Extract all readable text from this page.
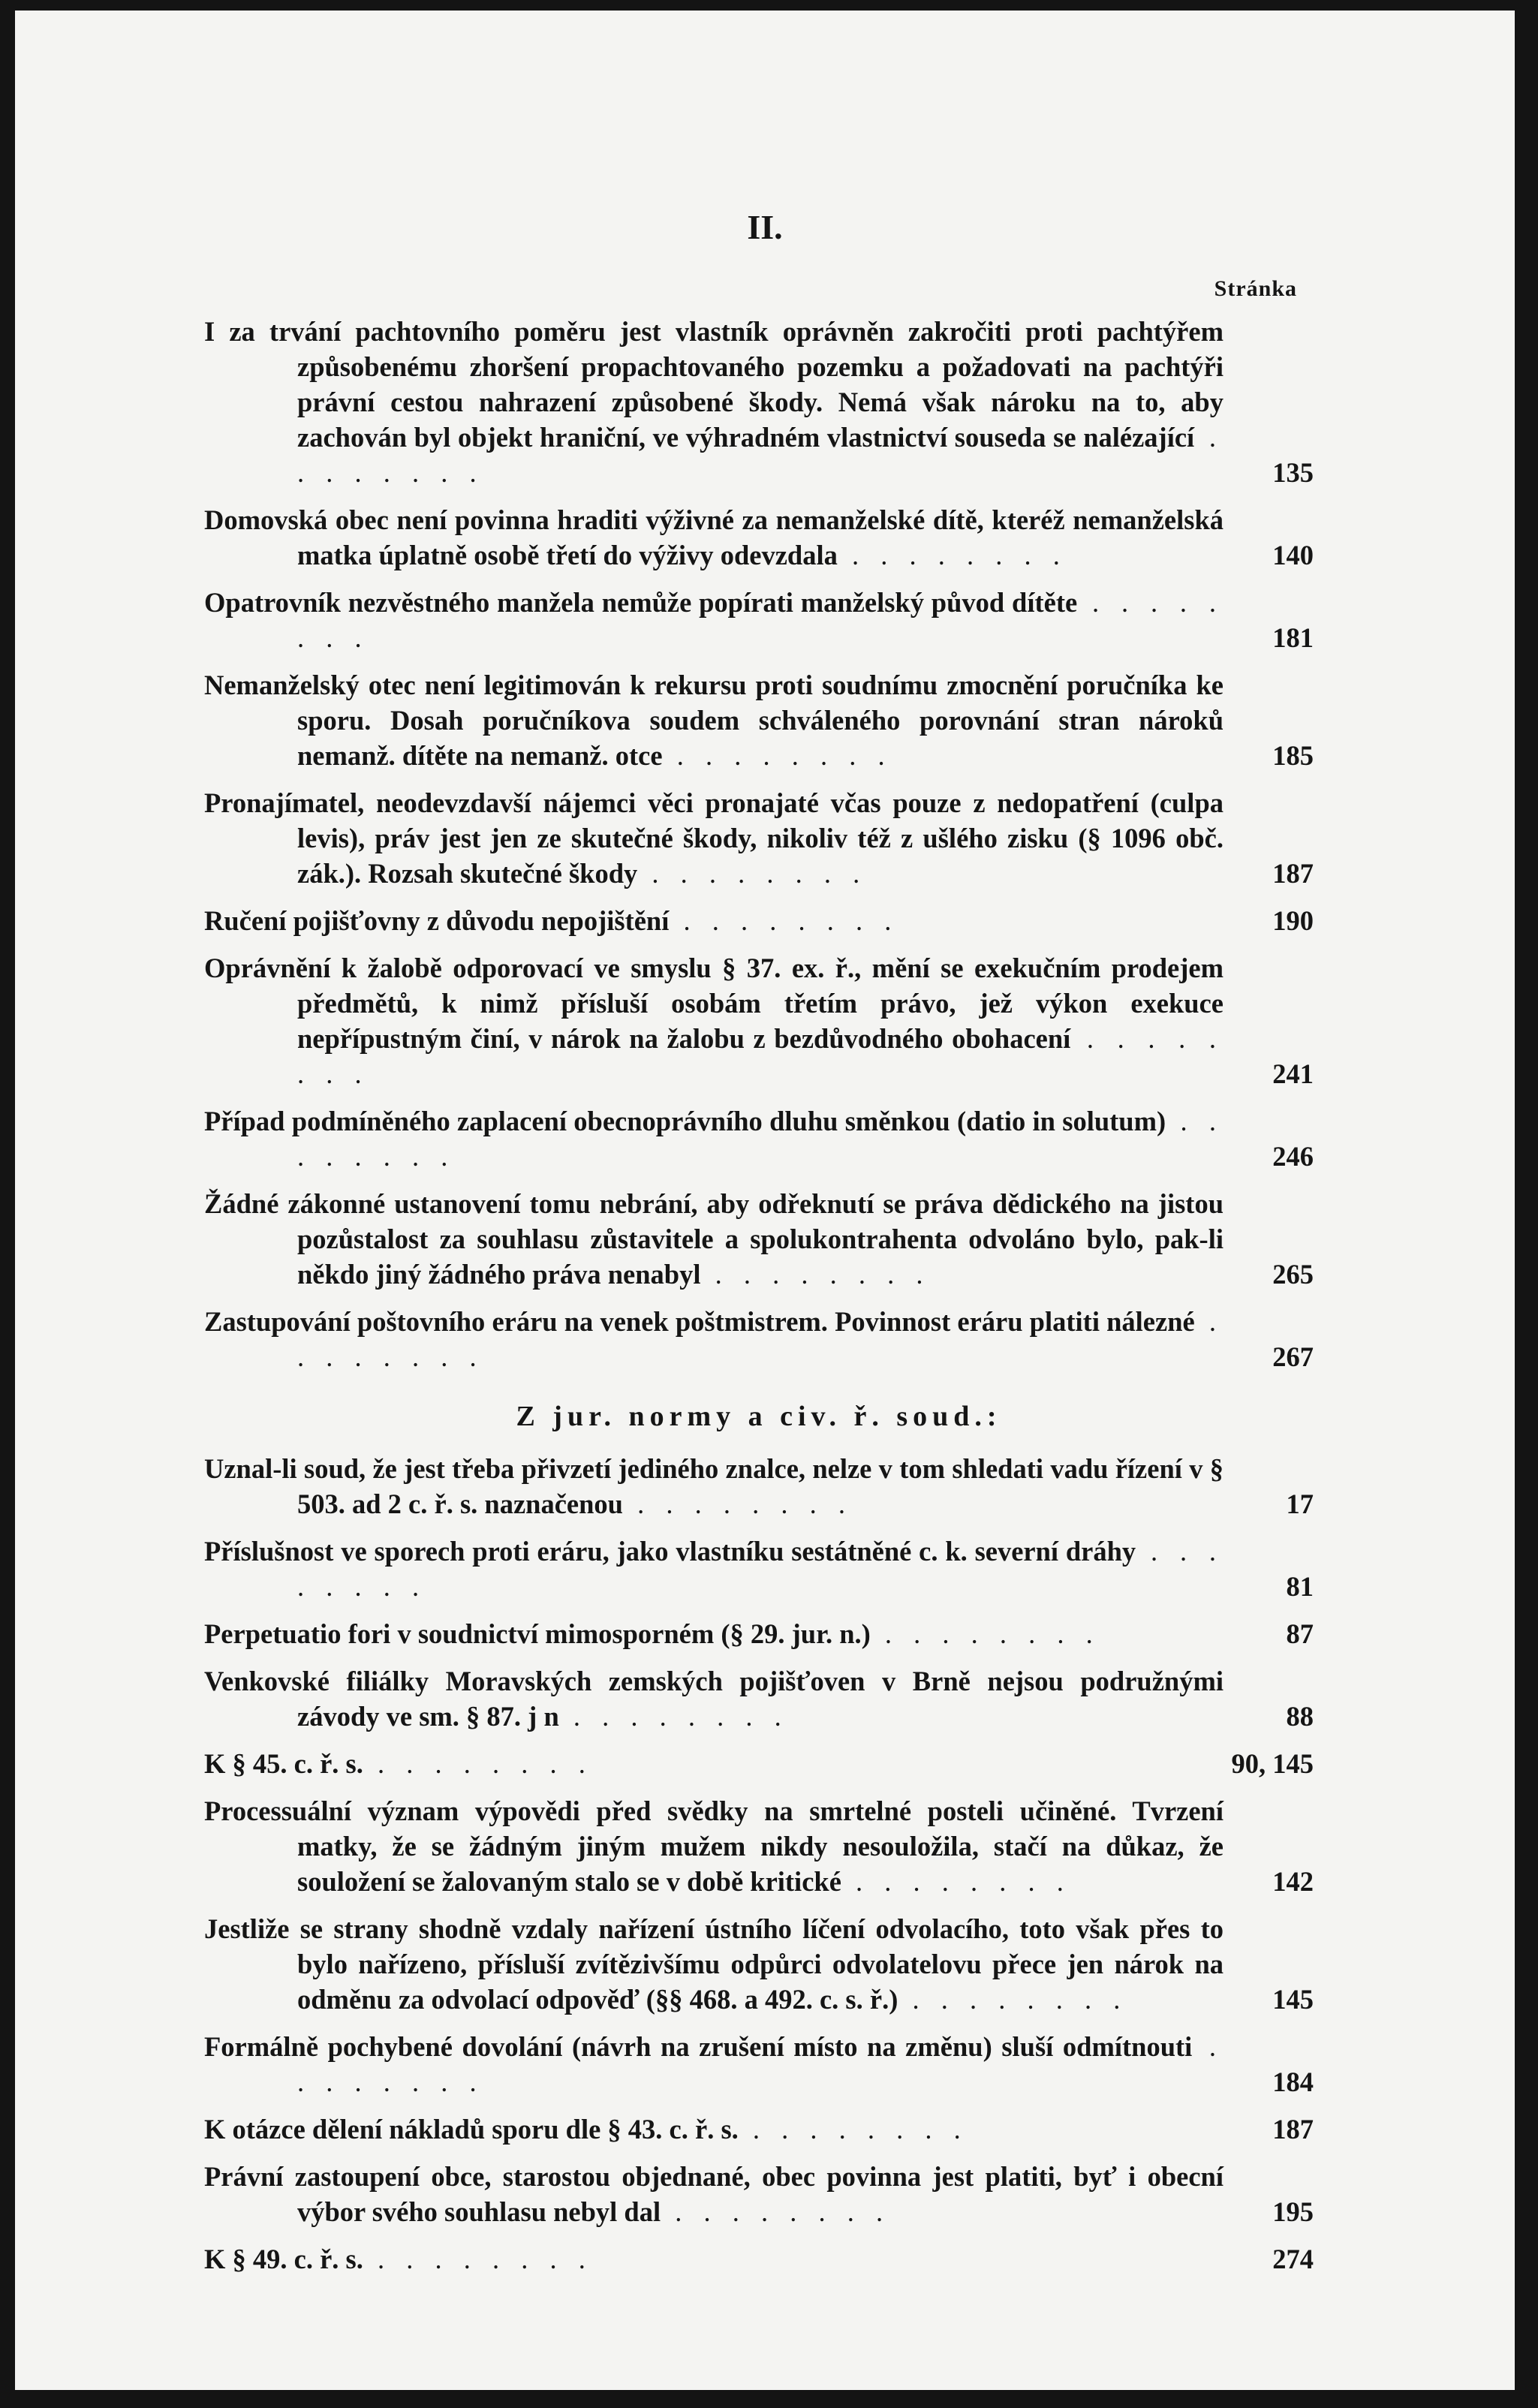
II.
Stránka
I za trvání pachtovního poměru jest vlastník oprávněn zakročiti proti pachtýřem způsobenému zhoršení propachtovaného pozemku a požadovati na pachtýři právní cestou nahrazení způsobené škody. Nemá však nároku na to, aby zachován byl objekt hraniční, ve výhradném vlastnictví souseda se nalézající . . . . . . . .	135
Domovská obec není povinna hraditi výživné za nemanželské dítě, kteréž nemanželská matka úplatně osobě třetí do výživy odevzdala . . . . . . . .	140
Opatrovník nezvěstného manžela nemůže popírati manželský původ dítěte . . . . . . . .	181
Nemanželský otec není legitimován k rekursu proti soudnímu zmocnění poručníka ke sporu. Dosah poručníkova soudem schváleného porovnání stran nároků nemanž. dítěte na nemanž. otce . . . . . . . .	185
Pronajímatel, neodevzdavší nájemci věci pronajaté včas pouze z nedopatření (culpa levis), práv jest jen ze skutečné škody, nikoliv též z ušlého zisku (§ 1096 obč. zák.). Rozsah skutečné škody . . . . . . . .	187
Ručení pojišťovny z důvodu nepojištění . . . . . . . .	190
Oprávnění k žalobě odporovací ve smyslu § 37. ex. ř., mění se exekučním prodejem předmětů, k nimž přísluší osobám třetím právo, jež výkon exekuce nepřípustným činí, v nárok na žalobu z bezdůvodného obohacení . . . . . . . .	241
Případ podmíněného zaplacení obecnoprávního dluhu směnkou (datio in solutum) . . . . . . . .	246
Žádné zákonné ustanovení tomu nebrání, aby odřeknutí se práva dědického na jistou pozůstalost za souhlasu zůstavitele a spolukontrahenta odvoláno bylo, pak-li někdo jiný žádného práva nenabyl . . . . . . . .	265
Zastupování poštovního eráru na venek poštmistrem. Povinnost eráru platiti nálezné . . . . . . . .	267
Z jur. normy a civ. ř. soud.:
Uznal-li soud, že jest třeba přivzetí jediného znalce, nelze v tom shledati vadu řízení v § 503. ad 2 c. ř. s. naznačenou . . . . . . . .	17
Příslušnost ve sporech proti eráru, jako vlastníku sestátněné c. k. severní dráhy . . . . . . . .	81
Perpetuatio fori v soudnictví mimosporném (§ 29. jur. n.) . . . . . . . .	87
Venkovské filiálky Moravských zemských pojišťoven v Brně nejsou podružnými závody ve sm. § 87. j n . . . . . . . .	88
K § 45. c. ř. s. . . . . . . . .	90, 145
Processuální význam výpovědi před svědky na smrtelné posteli učiněné. Tvrzení matky, že se žádným jiným mužem nikdy nesouložila, stačí na důkaz, že souložení se žalovaným stalo se v době kritické . . . . . . . .	142
Jestliže se strany shodně vzdaly nařízení ústního líčení odvolacího, toto však přes to bylo nařízeno, přísluší zvítězivšímu odpůrci odvolatelovu přece jen nárok na odměnu za odvolací odpověď (§§ 468. a 492. c. s. ř.) . . . . . . . .	145
Formálně pochybené dovolání (návrh na zrušení místo na změnu) sluší odmítnouti . . . . . . . .	184
K otázce dělení nákladů sporu dle § 43. c. ř. s. . . . . . . . .	187
Právní zastoupení obce, starostou objednané, obec povinna jest platiti, byť i obecní výbor svého souhlasu nebyl dal . . . . . . . .	195
K § 49. c. ř. s. . . . . . . . .	274
